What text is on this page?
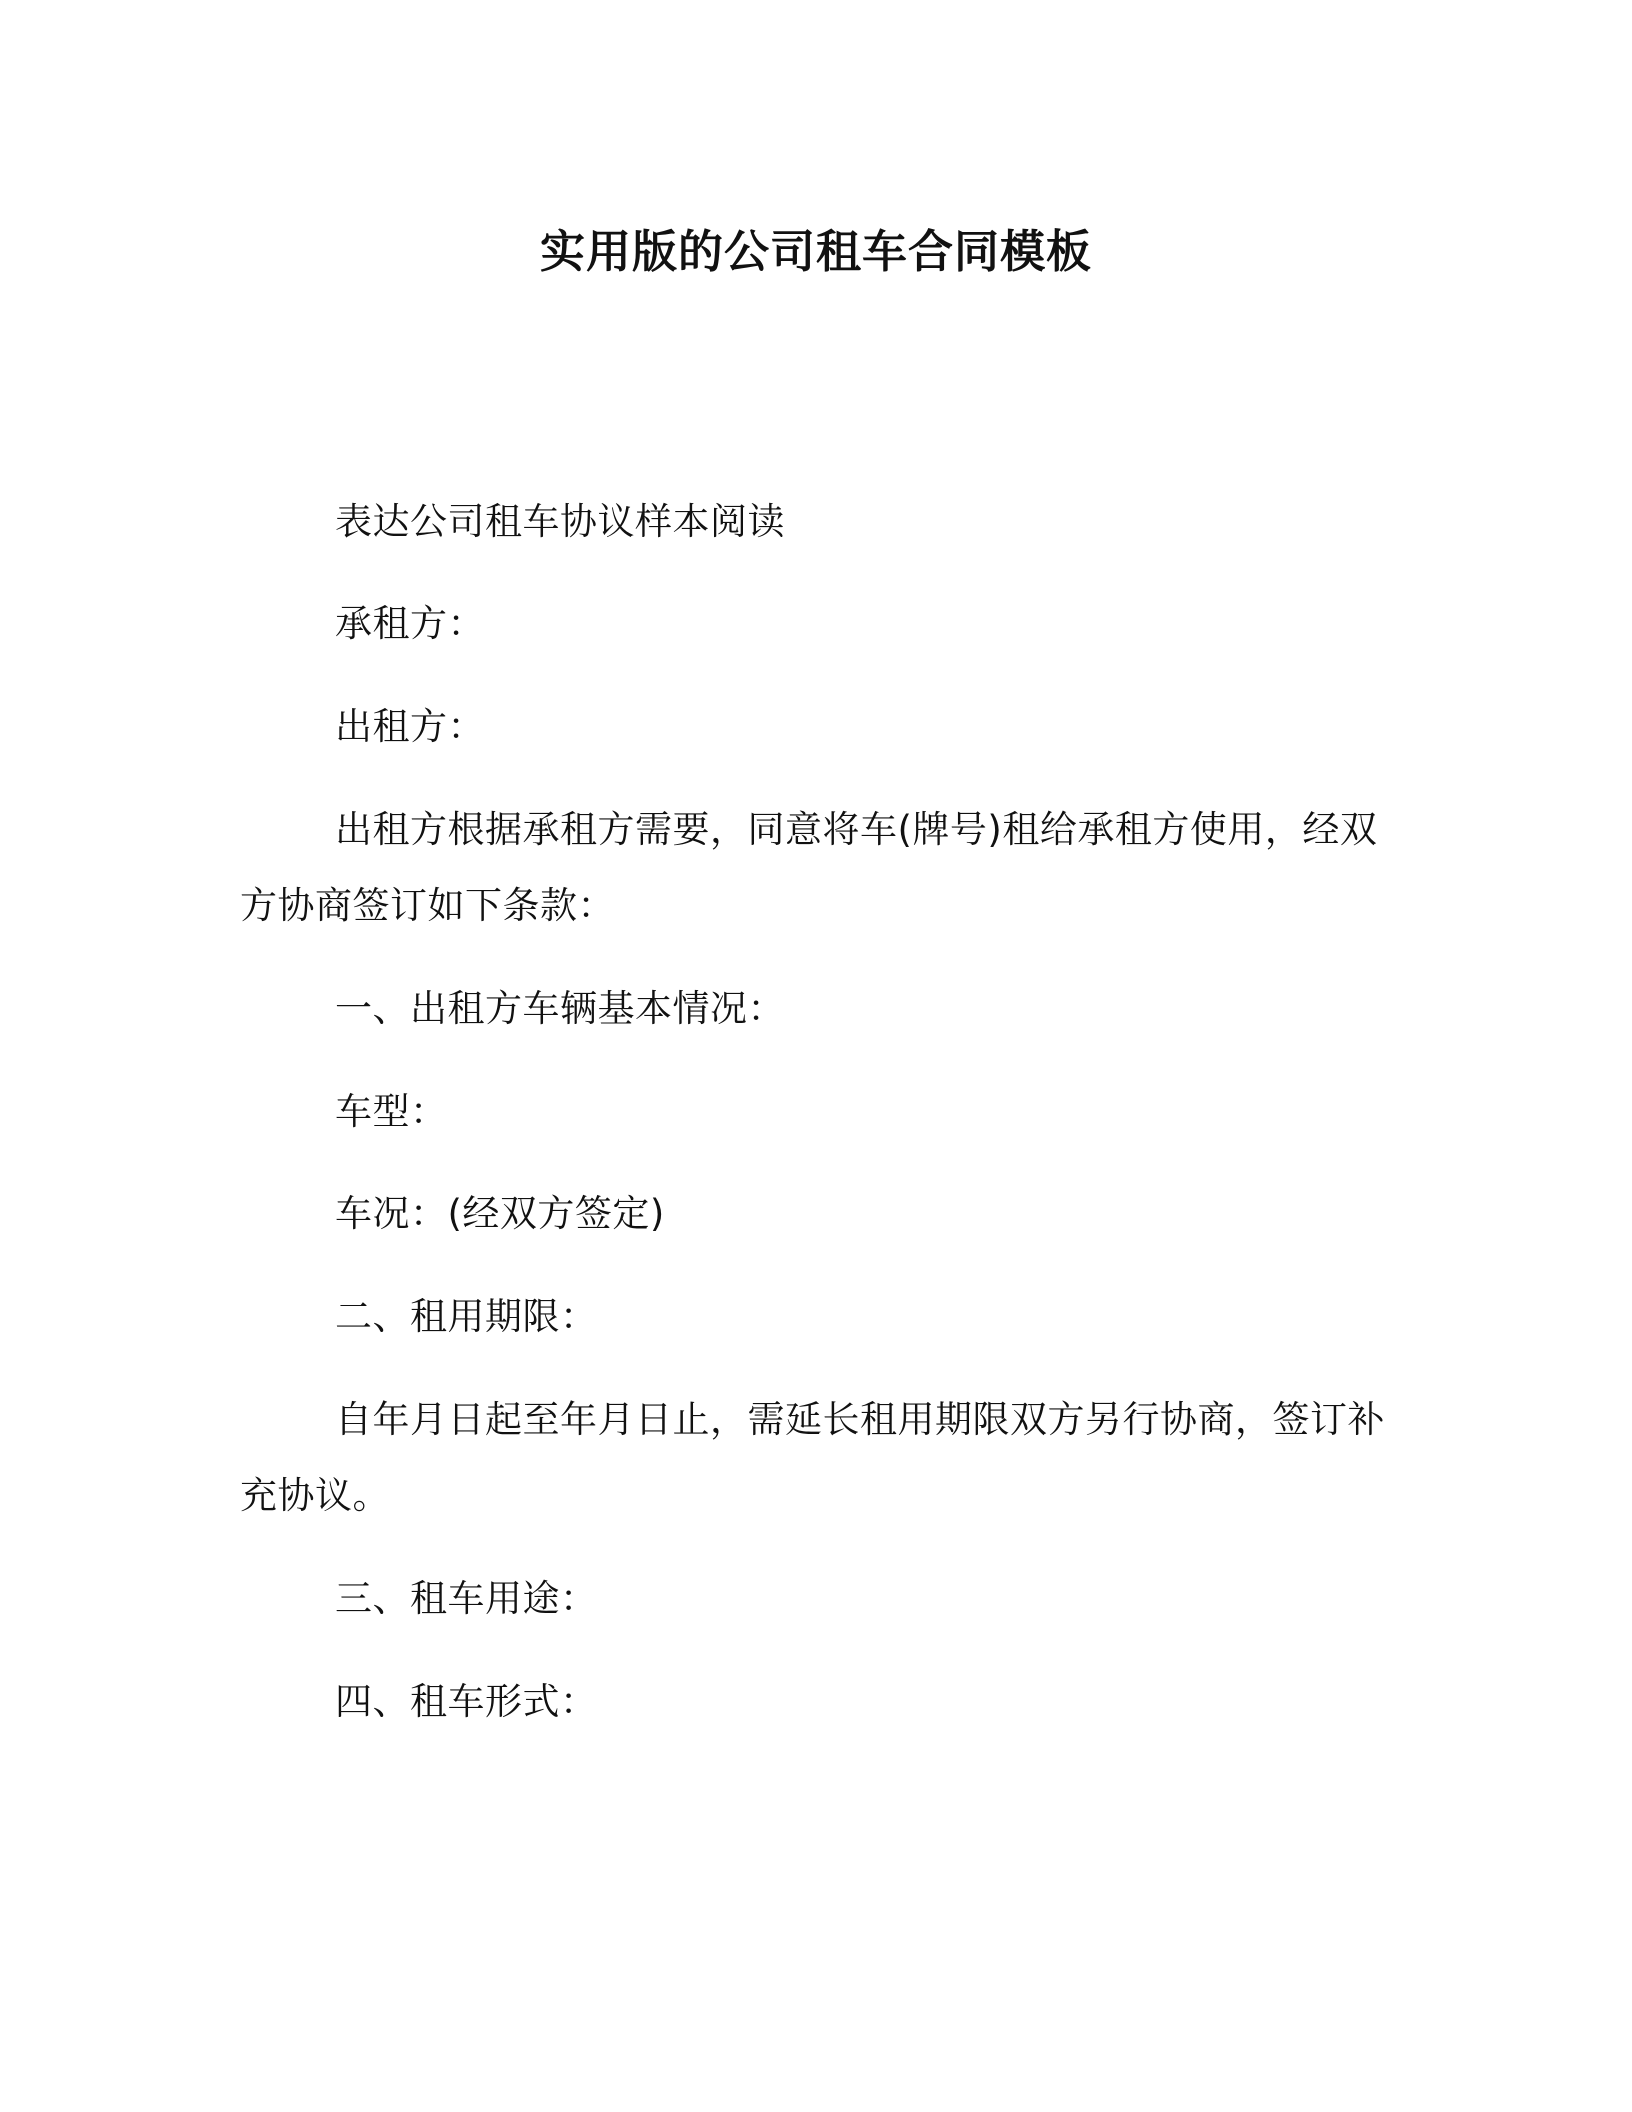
实用版的公司租车合同模板

表达公司租车协议样本阅读

承租方：

出租方：

出租方根据承租方需要，同意将车(牌号)租给承租方使用，经双方协商签订如下条款：

一、出租方车辆基本情况：

车型：

车况：(经双方签定)

二、租用期限：

自年月日起至年月日止，需延长租用期限双方另行协商，签订补充协议。

三、租车用途：

四、租车形式：
